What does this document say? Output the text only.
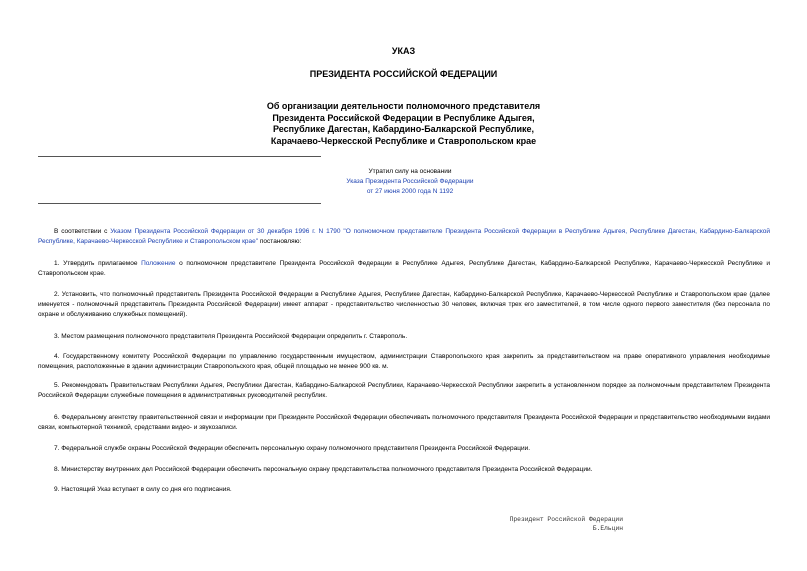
УКАЗ
ПРЕЗИДЕНТА РОССИЙСКОЙ ФЕДЕРАЦИИ
Об организации деятельности полномочного представителя
Президента Российской Федерации в Республике Адыгея,
Республике Дагестан, Кабардино-Балкарской Республике,
Карачаево-Черкесской Республике и Ставропольском крае
Утратил силу на основании
Указа Президента Российской Федерации
от 27 июня 2000 года N 1192

В соответствии с Указом Президента Российской Федерации от 30 декабря 1996 г. N 1790 "О полномочном представителе Президента Российской Федерации в Республике Адыгея, Республике Дагестан, Кабардино-Балкарской Республике, Карачаево-Черкесской Республике и Ставропольском крае" постановляю:

1. Утвердить прилагаемое Положение о полномочном представителе Президента Российской Федерации в Республике Адыгея, Республике Дагестан, Кабардино-Балкарской Республике, Карачаево-Черкесской Республике и Ставропольском крае.

2. Установить, что полномочный представитель Президента Российской Федерации в Республике Адыгея, Республике Дагестан, Кабардино-Балкарской Республике, Карачаево-Черкесской Республике и Ставропольском крае (далее именуется - полномочный представитель Президента Российской Федерации) имеет аппарат - представительство численностью 30 человек, включая трех его заместителей, в том числе одного первого заместителя (без персонала по охране и обслуживанию служебных помещений).

3. Местом размещения полномочного представителя Президента Российской Федерации определить г. Ставрополь.

4. Государственному комитету Российской Федерации по управлению государственным имуществом, администрации Ставропольского края закрепить за представительством на праве оперативного управления необходимые помещения, расположенные в здании администрации Ставропольского края, общей площадью не менее 900 кв. м.

5. Рекомендовать Правительствам Республики Адыгея, Республики Дагестан, Кабардино-Балкарской Республики, Карачаево-Черкесской Республики закрепить в установленном порядке за полномочным представителем Президента Российской Федерации служебные помещения в административных руководителей республик.

6. Федеральному агентству правительственной связи и информации при Президенте Российской Федерации обеспечивать полномочного представителя Президента Российской Федерации и представительство необходимыми видами связи, компьютерной техникой, средствами видео- и звукозаписи.

7. Федеральной службе охраны Российской Федерации обеспечить персональную охрану полномочного представителя Президента Российской Федерации.

8. Министерству внутренних дел Российской Федерации обеспечить персональную охрану представительства полномочного представителя Президента Российской Федерации.

9. Настоящий Указ вступает в силу со дня его подписания.

Президент Российской Федерации
Б.Ельцин
